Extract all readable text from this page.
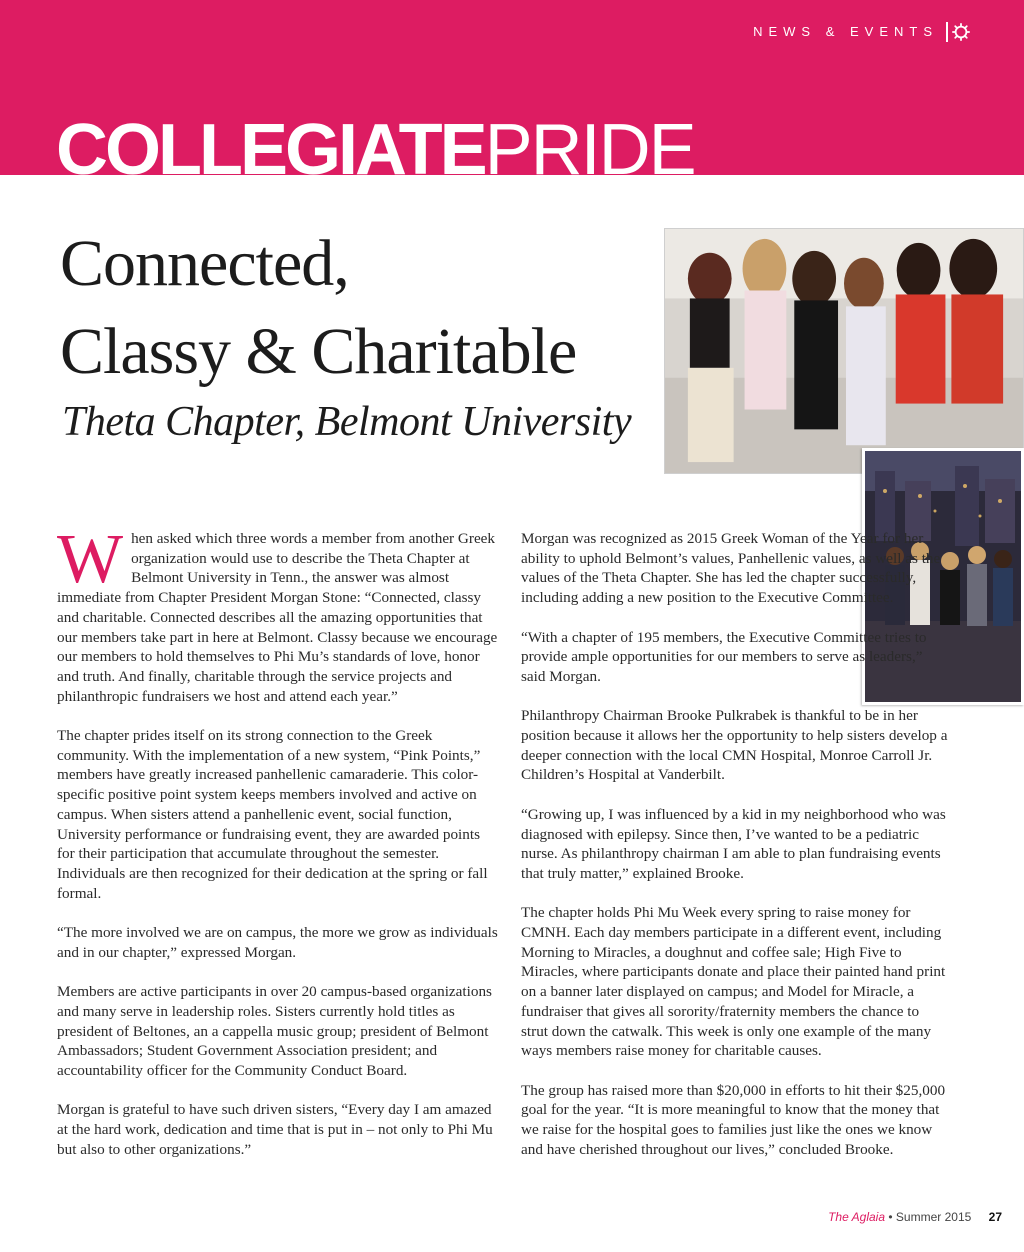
NEWS & EVENTS
COLLEGIATEPRIDE
Connected,
Classy & Charitable
Theta Chapter, Belmont University

When asked which three words a member from another Greek organization would use to describe the Theta Chapter at Belmont University in Tenn., the answer was almost immediate from Chapter President Morgan Stone: “Connected, classy and charitable. Connected describes all the amazing opportunities that our members take part in here at Belmont. Classy because we encourage our members to hold themselves to Phi Mu’s standards of love, honor and truth. And finally, charitable through the service projects and philanthropic fundraisers we host and attend each year.”

The chapter prides itself on its strong connection to the Greek community. With the implementation of a new system, “Pink Points,” members have greatly increased panhellenic camaraderie. This color-specific positive point system keeps members involved and active on campus. When sisters attend a panhellenic event, social function, University performance or fundraising event, they are awarded points for their participation that accumulate throughout the semester. Individuals are then recognized for their dedication at the spring or fall formal.

“The more involved we are on campus, the more we grow as individuals and in our chapter,” expressed Morgan.

Members are active participants in over 20 campus-based organizations and many serve in leadership roles. Sisters currently hold titles as president of Beltones, an a cappella music group; president of Belmont Ambassadors; Student Government Association president; and accountability officer for the Community Conduct Board.

Morgan is grateful to have such driven sisters, “Every day I am amazed at the hard work, dedication and time that is put in – not only to Phi Mu but also to other organizations.”

Morgan was recognized as 2015 Greek Woman of the Year for her ability to uphold Belmont’s values, Panhellenic values, as well as the values of the Theta Chapter. She has led the chapter successfully, including adding a new position to the Executive Committee.

“With a chapter of 195 members, the Executive Committee tries to provide ample opportunities for our members to serve as leaders,” said Morgan.

Philanthropy Chairman Brooke Pulkrabek is thankful to be in her position because it allows her the opportunity to help sisters develop a deeper connection with the local CMN Hospital, Monroe Carroll Jr. Children’s Hospital at Vanderbilt.

“Growing up, I was influenced by a kid in my neighborhood who was diagnosed with epilepsy. Since then, I’ve wanted to be a pediatric nurse. As philanthropy chairman I am able to plan fundraising events that truly matter,” explained Brooke.

The chapter holds Phi Mu Week every spring to raise money for CMNH. Each day members participate in a different event, including Morning to Miracles, a doughnut and coffee sale; High Five to Miracles, where participants donate and place their painted hand print on a banner later displayed on campus; and Model for Miracle, a fundraiser that gives all sorority/fraternity members the chance to strut down the catwalk. This week is only one example of the many ways members raise money for charitable causes.

The group has raised more than $20,000 in efforts to hit their $25,000 goal for the year. “It is more meaningful to know that the money that we raise for the hospital goes to families just like the ones we know and have cherished throughout our lives,” concluded Brooke.

The Aglaia • Summer 2015 27
